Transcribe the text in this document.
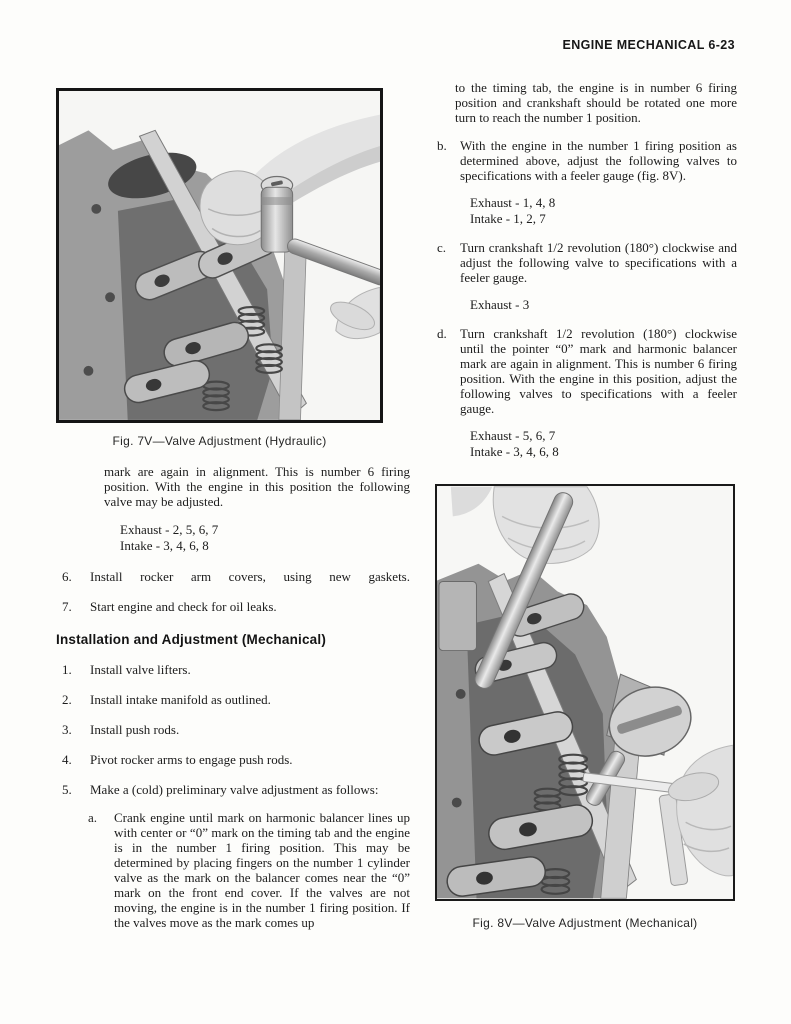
ENGINE MECHANICAL 6-23
Fig. 7V—Valve Adjustment (Hydraulic)

mark are again in alignment. This is number 6 firing position. With the engine in this position the following valve may be adjusted.

Exhaust - 2, 5, 6, 7
Intake - 3, 4, 6, 8
6.	Install rocker arm covers, using new gaskets.

7.	Start engine and check for oil leaks.

Installation and Adjustment (Mechanical)
1.	Install valve lifters.

2.	Install intake manifold as outlined.

3.	Install push rods.

4.	Pivot rocker arms to engage push rods.

5.	Make a (cold) preliminary valve adjustment as follows:

a.	Crank engine until mark on harmonic balancer lines up with center or “0” mark on the timing tab and the engine is in the number 1 firing position. This may be determined by placing fingers on the number 1 cylinder valve as the mark on the balancer comes near the “0” mark on the front end cover. If the valves are not moving, the engine is in the number 1 firing position. If the valves move as the mark comes up

to the timing tab, the engine is in number 6 firing position and crankshaft should be rotated one more turn to reach the number 1 position.

b.	With the engine in the number 1 firing position as determined above, adjust the following valves to specifications with a feeler gauge (fig. 8V).

Exhaust - 1, 4, 8
Intake - 1, 2, 7
c.	Turn crankshaft 1/2 revolution (180°) clockwise and adjust the following valve to specifications with a feeler gauge.

Exhaust - 3
d.	Turn crankshaft 1/2 revolution (180°) clockwise until the pointer “0” mark and harmonic balancer mark are again in alignment. This is number 6 firing position. With the engine in this position, adjust the following valves to specifications with a feeler gauge.

Exhaust - 5, 6, 7
Intake - 3, 4, 6, 8
Fig. 8V—Valve Adjustment (Mechanical)
